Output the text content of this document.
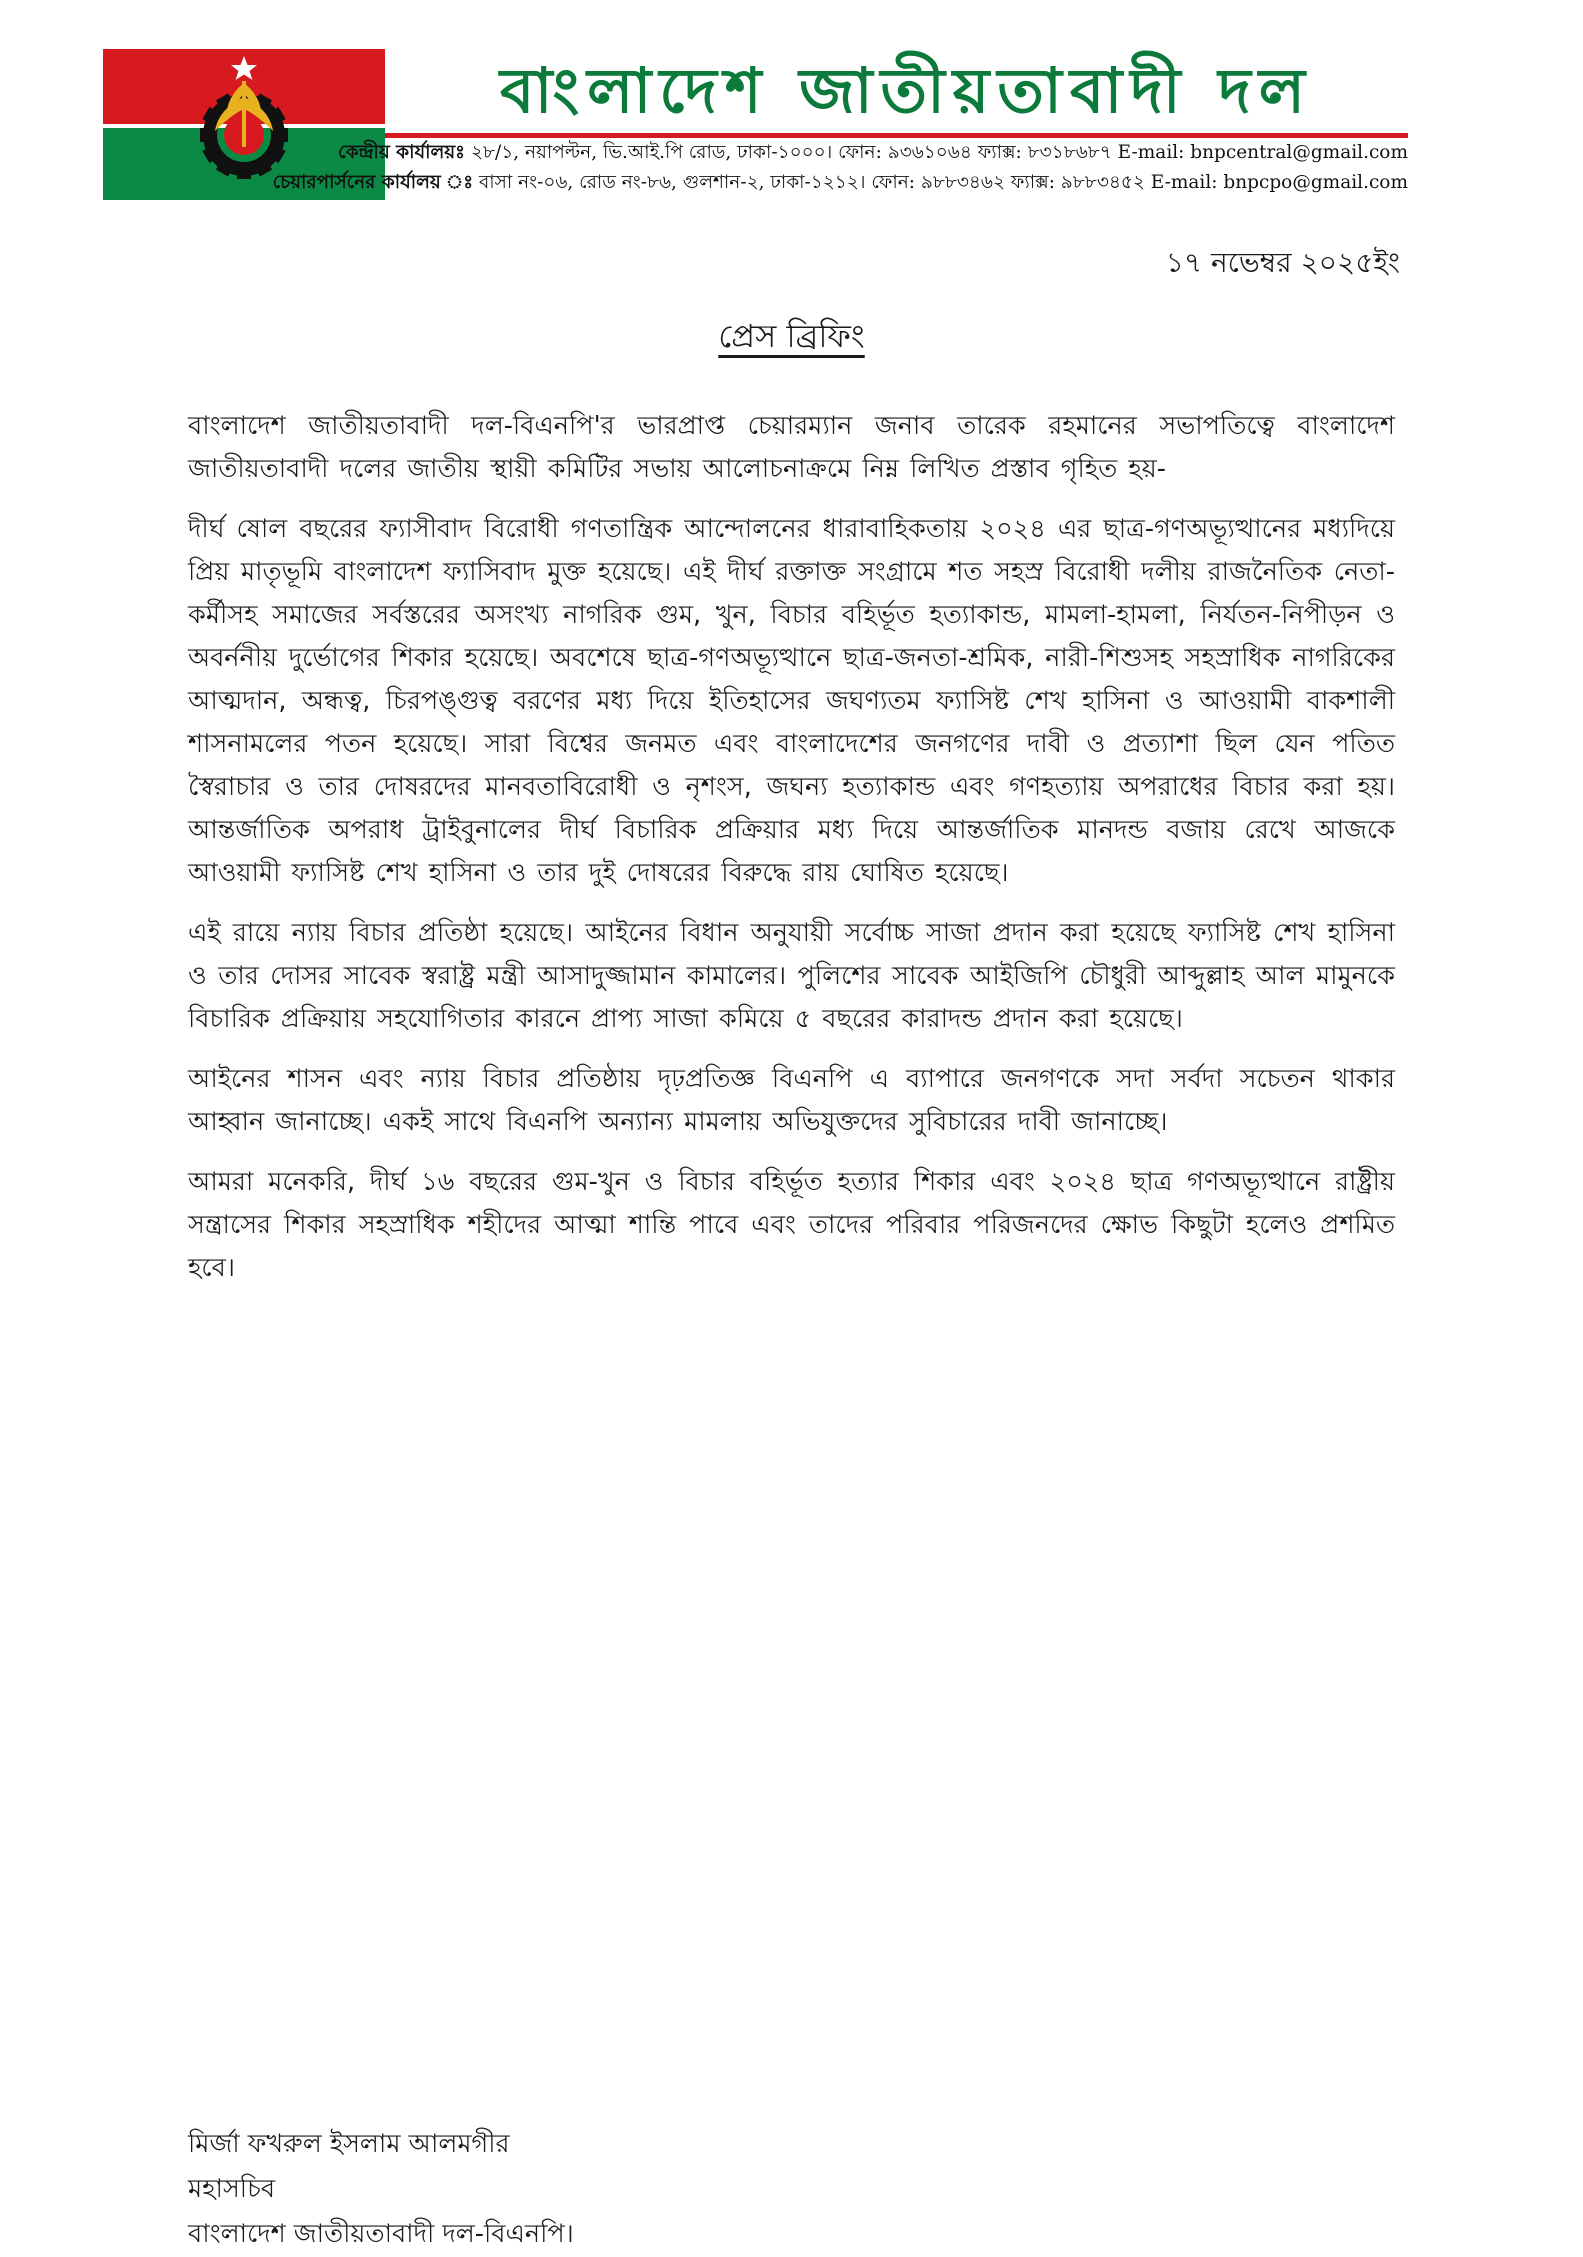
বাংলাদেশ জাতীয়তাবাদী দল
কেন্দ্রীয় কার্যালয়ঃ ২৮/১, নয়াপল্টন, ভি.আই.পি রোড, ঢাকা-১০০০। ফোন: ৯৩৬১০৬৪ ফ্যাক্স: ৮৩১৮৬৮৭ E-mail: bnpcentral@gmail.com
চেয়ারপার্সনের কার্যালয় ঃ বাসা নং-০৬, রোড নং-৮৬, গুলশান-২, ঢাকা-১২১২। ফোন: ৯৮৮৩৪৬২ ফ্যাক্স: ৯৮৮৩৪৫২ E-mail: bnpcpo@gmail.com
১৭ নভেম্বর ২০২৫ইং
প্রেস ব্রিফিং

বাংলাদেশ জাতীয়তাবাদী দল-বিএনপি'র ভারপ্রাপ্ত চেয়ারম্যান জনাব তারেক রহমানের সভাপতিত্বে বাংলাদেশ জাতীয়তাবাদী দলের জাতীয় স্থায়ী কমিটির সভায় আলোচনাক্রমে নিম্ন লিখিত প্রস্তাব গৃহিত হয়-

দীর্ঘ ষোল বছরের ফ্যাসীবাদ বিরোধী গণতান্ত্রিক আন্দোলনের ধারাবাহিকতায় ২০২৪ এর ছাত্র-গণঅভ্যূত্থানের মধ্যদিয়ে প্রিয় মাতৃভূমি বাংলাদেশ ফ্যাসিবাদ মুক্ত হয়েছে। এই দীর্ঘ রক্তাক্ত সংগ্রামে শত সহস্র বিরোধী দলীয় রাজনৈতিক নেতা-কর্মীসহ সমাজের সর্বস্তরের অসংখ্য নাগরিক গুম, খুন, বিচার বহির্ভূত হত্যাকান্ড, মামলা-হামলা, নির্যতন-নিপীড়ন ও অবর্ননীয় দুর্ভোগের শিকার হয়েছে। অবশেষে ছাত্র-গণঅভ্যূত্থানে ছাত্র-জনতা-শ্রমিক, নারী-শিশুসহ সহস্রাধিক নাগরিকের আত্মদান, অন্ধত্ব, চিরপঙ্গুত্ব বরণের মধ্য দিয়ে ইতিহাসের জঘণ্যতম ফ্যাসিষ্ট শেখ হাসিনা ও আওয়ামী বাকশালী শাসনামলের পতন হয়েছে। সারা বিশ্বের জনমত এবং বাংলাদেশের জনগণের দাবী ও প্রত্যাশা ছিল যেন পতিত স্বৈরাচার ও তার দোষরদের মানবতাবিরোধী ও নৃশংস, জঘন্য হত্যাকান্ড এবং গণহত্যায় অপরাধের বিচার করা হয়। আন্তর্জাতিক অপরাধ ট্রাইবুনালের দীর্ঘ বিচারিক প্রক্রিয়ার মধ্য দিয়ে আন্তর্জাতিক মানদন্ড বজায় রেখে আজকে আওয়ামী ফ্যাসিষ্ট শেখ হাসিনা ও তার দুই দোষরের বিরুদ্ধে রায় ঘোষিত হয়েছে।

এই রায়ে ন্যায় বিচার প্রতিষ্ঠা হয়েছে। আইনের বিধান অনুযায়ী সর্বোচ্চ সাজা প্রদান করা হয়েছে ফ্যাসিষ্ট শেখ হাসিনা ও তার দোসর সাবেক স্বরাষ্ট্র মন্ত্রী আসাদুজ্জামান কামালের। পুলিশের সাবেক আইজিপি চৌধুরী আব্দুল্লাহ আল মামুনকে বিচারিক প্রক্রিয়ায় সহযোগিতার কারনে প্রাপ্য সাজা কমিয়ে ৫ বছরের কারাদন্ড প্রদান করা হয়েছে।

আইনের শাসন এবং ন্যায় বিচার প্রতিষ্ঠায় দৃঢ়প্রতিজ্ঞ বিএনপি এ ব্যাপারে জনগণকে সদা সর্বদা সচেতন থাকার আহ্বান জানাচ্ছে। একই সাথে বিএনপি অন্যান্য মামলায় অভিযুক্তদের সুবিচারের দাবী জানাচ্ছে।

আমরা মনেকরি, দীর্ঘ ১৬ বছরের গুম-খুন ও বিচার বহির্ভূত হত্যার শিকার এবং ২০২৪ ছাত্র গণঅভ্যূত্থানে রাষ্ট্রীয় সন্ত্রাসের শিকার সহস্রাধিক শহীদের আত্মা শান্তি পাবে এবং তাদের পরিবার পরিজনদের ক্ষোভ কিছুটা হলেও প্রশমিত হবে।

মির্জা ফখরুল ইসলাম আলমগীর
মহাসচিব
বাংলাদেশ জাতীয়তাবাদী দল-বিএনপি।
